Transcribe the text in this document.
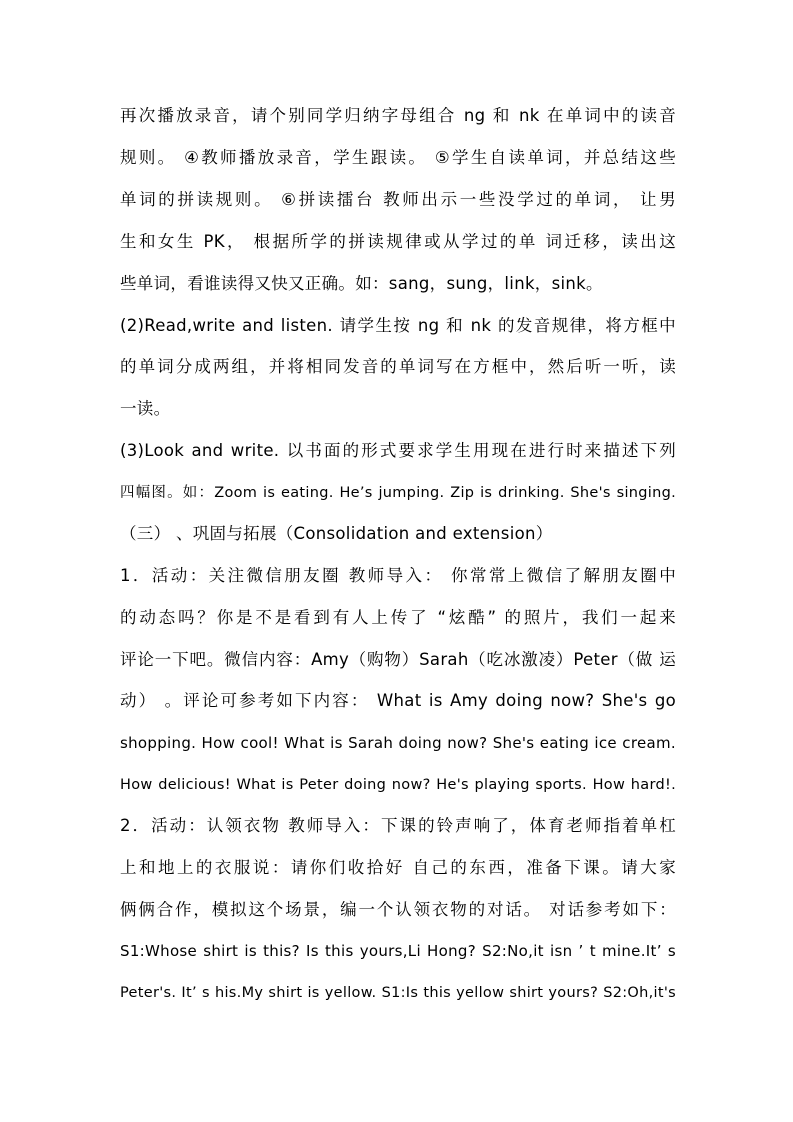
再次播放录音，请个别同学归纳字母组合 ng 和 nk 在单词中的读音
规则。 ④教师播放录音，学生跟读。 ⑤学生自读单词，并总结这些
单词的拼读规则。 ⑥拼读擂台 教师出示一些没学过的单词， 让男
生和女生 PK， 根据所学的拼读规律或从学过的单 词迁移，读出这
些单词，看谁读得又快又正确。如：sang，sung，link，sink。
(2)Read,write and listen. 请学生按 ng 和 nk 的发音规律，将方框中
的单词分成两组，并将相同发音的单词写在方框中，然后听一听，读
一读。
(3)Look and write. 以书面的形式要求学生用现在进行时来描述下列
四幅图。如：Zoom is eating. He’s jumping. Zip is drinking. She's singing.
（三） 、巩固与拓展（Consolidation and extension）
1．活动：关注微信朋友圈 教师导入： 你常常上微信了解朋友圈中
的动态吗？你是不是看到有人上传了 “炫酷” 的照片，我们一起来
评论一下吧。微信内容：Amy（购物）Sarah（吃冰激凌）Peter（做 运
动） 。评论可参考如下内容： What is Amy doing now? She's go
shopping. How cool! What is Sarah doing now? She's eating ice cream.
How delicious! What is Peter doing now? He's playing sports. How hard!.
2．活动：认领衣物 教师导入：下课的铃声响了，体育老师指着单杠
上和地上的衣服说：请你们收拾好 自己的东西，准备下课。请大家
俩俩合作，模拟这个场景，编一个认领衣物的对话。 对话参考如下：
S1:Whose shirt is this? Is this yours,Li Hong? S2:No,it isn ’ t mine.It’ s
Peter's. It’ s his.My shirt is yellow. S1:Is this yellow shirt yours? S2:Oh,it's
